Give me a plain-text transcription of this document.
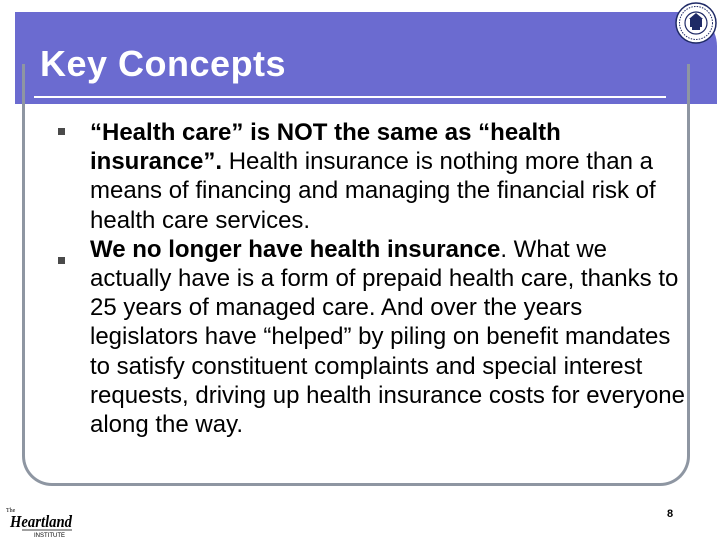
Key Concepts
“Health care” is NOT the same as “health insurance”. Health insurance is nothing more than a means of financing and managing the financial risk of health care services.
We no longer have health insurance. What we actually have is a form of prepaid health care, thanks to 25 years of managed care. And over the years legislators have “helped” by piling on benefit mandates to satisfy constituent complaints and special interest requests, driving up health insurance costs for everyone along the way.
8
The
Heartland
INSTITUTE
